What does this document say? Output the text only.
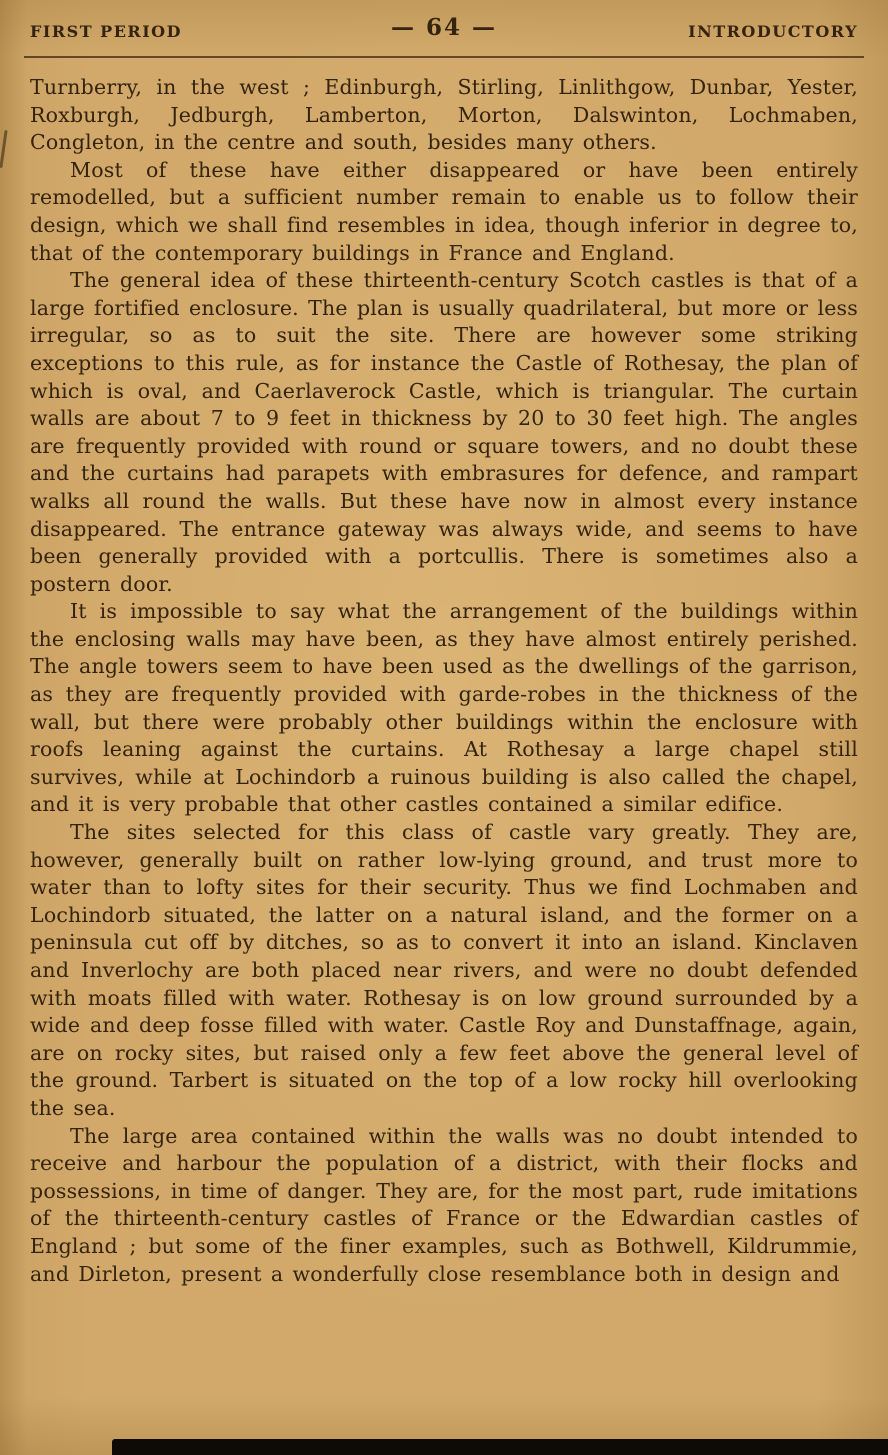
FIRST PERIOD	— 64 —	INTRODUCTORY

Turnberry, in the west ; Edinburgh, Stirling, Linlithgow, Dunbar, Yester, Roxburgh, Jedburgh, Lamberton, Morton, Dalswinton, Lochmaben, Congleton, in the centre and south, besides many others.

Most of these have either disappeared or have been entirely remodelled, but a sufficient number remain to enable us to follow their design, which we shall find resembles in idea, though inferior in degree to, that of the contemporary buildings in France and England.

The general idea of these thirteenth-century Scotch castles is that of a large fortified enclosure. The plan is usually quadrilateral, but more or less irregular, so as to suit the site. There are however some striking exceptions to this rule, as for instance the Castle of Rothesay, the plan of which is oval, and Caerlaverock Castle, which is triangular. The curtain walls are about 7 to 9 feet in thickness by 20 to 30 feet high. The angles are frequently provided with round or square towers, and no doubt these and the curtains had parapets with embrasures for defence, and rampart walks all round the walls. But these have now in almost every instance disappeared. The entrance gateway was always wide, and seems to have been generally provided with a portcullis. There is sometimes also a postern door.

It is impossible to say what the arrangement of the buildings within the enclosing walls may have been, as they have almost entirely perished. The angle towers seem to have been used as the dwellings of the garrison, as they are frequently provided with garde-robes in the thickness of the wall, but there were probably other buildings within the enclosure with roofs leaning against the curtains. At Rothesay a large chapel still survives, while at Lochindorb a ruinous building is also called the chapel, and it is very probable that other castles contained a similar edifice.

The sites selected for this class of castle vary greatly. They are, however, generally built on rather low-lying ground, and trust more to water than to lofty sites for their security. Thus we find Lochmaben and Lochindorb situated, the latter on a natural island, and the former on a peninsula cut off by ditches, so as to convert it into an island. Kinclaven and Inverlochy are both placed near rivers, and were no doubt defended with moats filled with water. Rothesay is on low ground surrounded by a wide and deep fosse filled with water. Castle Roy and Dunstaffnage, again, are on rocky sites, but raised only a few feet above the general level of the ground. Tarbert is situated on the top of a low rocky hill overlooking the sea.

The large area contained within the walls was no doubt intended to receive and harbour the population of a district, with their flocks and possessions, in time of danger. They are, for the most part, rude imitations of the thirteenth-century castles of France or the Edwardian castles of England ; but some of the finer examples, such as Bothwell, Kildrummie, and Dirleton, present a wonderfully close resemblance both in design and
